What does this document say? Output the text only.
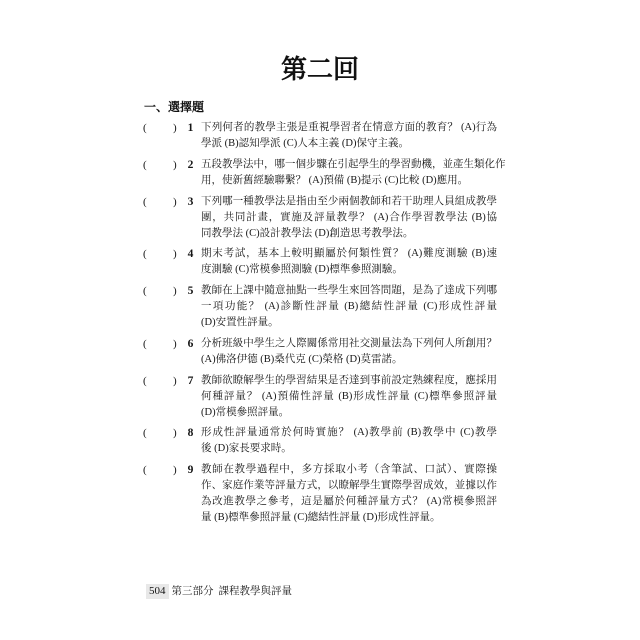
第二回
一、選擇題
( ) 1 下列何者的教學主張是重視學習者在情意方面的教育？ (A)行為
學派 (B)認知學派 (C)人本主義 (D)保守主義。
( ) 2 五段教學法中，哪一個步驟在引起學生的學習動機，並產生類化作
用，使新舊經驗聯繫？ (A)預備 (B)提示 (C)比較 (D)應用。
( ) 3 下列哪一種教學法是指由至少兩個教師和若干助理人員組成教學
團，共同計畫，實施及評量教學？ (A)合作學習教學法 (B)協
同教學法 (C)設計教學法 (D)創造思考教學法。
( ) 4 期末考試，基本上較明顯屬於何類性質？ (A)難度測驗 (B)速
度測驗 (C)常模參照測驗 (D)標準參照測驗。
( ) 5 教師在上課中隨意抽點一些學生來回答問題，是為了達成下列哪
一項功能？ (A)診斷性評量 (B)總結性評量 (C)形成性評量
(D)安置性評量。
( ) 6 分析班級中學生之人際關係常用社交測量法為下列何人所創用？
(A)佛洛伊德 (B)桑代克 (C)榮格 (D)莫雷諾。
( ) 7 教師欲瞭解學生的學習結果是否達到事前設定熟練程度，應採用
何種評量？ (A)預備性評量 (B)形成性評量 (C)標準參照評量
(D)常模參照評量。
( ) 8 形成性評量通常於何時實施？ (A)教學前 (B)教學中 (C)教學
後 (D)家長要求時。
( ) 9 教師在教學過程中，多方採取小考（含筆試、口試）、實際操
作、家庭作業等評量方式，以瞭解學生實際學習成效，並據以作
為改進教學之參考，這是屬於何種評量方式？ (A)常模參照評
量 (B)標準參照評量 (C)總結性評量 (D)形成性評量。
504 第三部分 課程教學與評量
